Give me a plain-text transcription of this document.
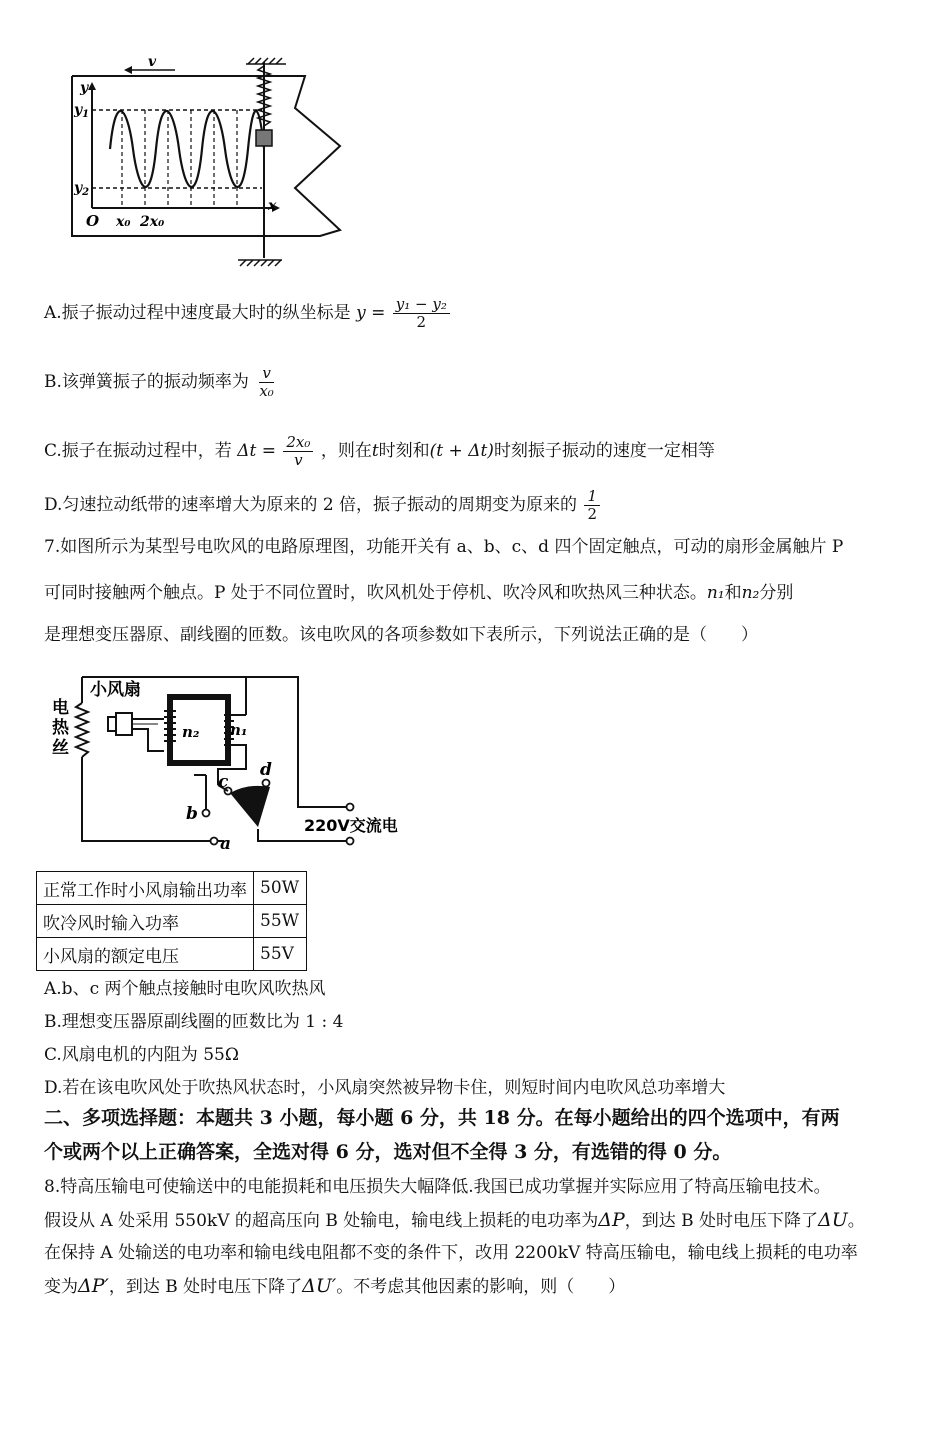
v
y
$y_1$
$y_2$
O x₀ 2x₀
x
A.振子振动过程中速度最大时的纵坐标是 $y = \frac{\text{y₁ − y₂}}{2}$
B.该弹簧振子的振动频率为 $\frac{v}{\text{x₀}}$
C.振子在振动过程中，若 $\Delta t = \frac{\text{2x₀}}{v}$ ，则在t时刻和(t + Δt)时刻振子振动的速度一定相等
D.匀速拉动纸带的速率增大为原来的 2 倍，振子振动的周期变为原来的 $\frac{1}{2}$
7.如图所示为某型号电吹风的电路原理图，功能开关有 a、b、c、d 四个固定触点，可动的扇形金属触片 P
可同时接触两个触点。P 处于不同位置时，吹风机处于停机、吹冷风和吹热风三种状态。n₁和n₂分别
是理想变压器原、副线圈的匝数。该电吹风的各项参数如下表所示，下列说法正确的是（　　）
小风扇
电
热
丝
n₂ n₁
c
d
b
a
220V交流电
正常工作时小风扇输出功率	50W
吹冷风时输入功率	55W
小风扇的额定电压	55V
A.b、c 两个触点接触时电吹风吹热风
B.理想变压器原副线圈的匝数比为 1 : 4
C.风扇电机的内阻为 55Ω
D.若在该电吹风处于吹热风状态时，小风扇突然被异物卡住，则短时间内电吹风总功率增大
二、多项选择题：本题共 3 小题，每小题 6 分，共 18 分。在每小题给出的四个选项中，有两
个或两个以上正确答案，全选对得 6 分，选对但不全得 3 分，有选错的得 0 分。
8.特高压输电可使输送中的电能损耗和电压损失大幅降低.我国已成功掌握并实际应用了特高压输电技术。
假设从 A 处采用 550kV 的超高压向 B 处输电，输电线上损耗的电功率为ΔP，到达 B 处时电压下降了ΔU。
在保持 A 处输送的电功率和输电线电阻都不变的条件下，改用 2200kV 特高压输电，输电线上损耗的电功率
变为ΔP′，到达 B 处时电压下降了ΔU′。不考虑其他因素的影响，则（　　）
